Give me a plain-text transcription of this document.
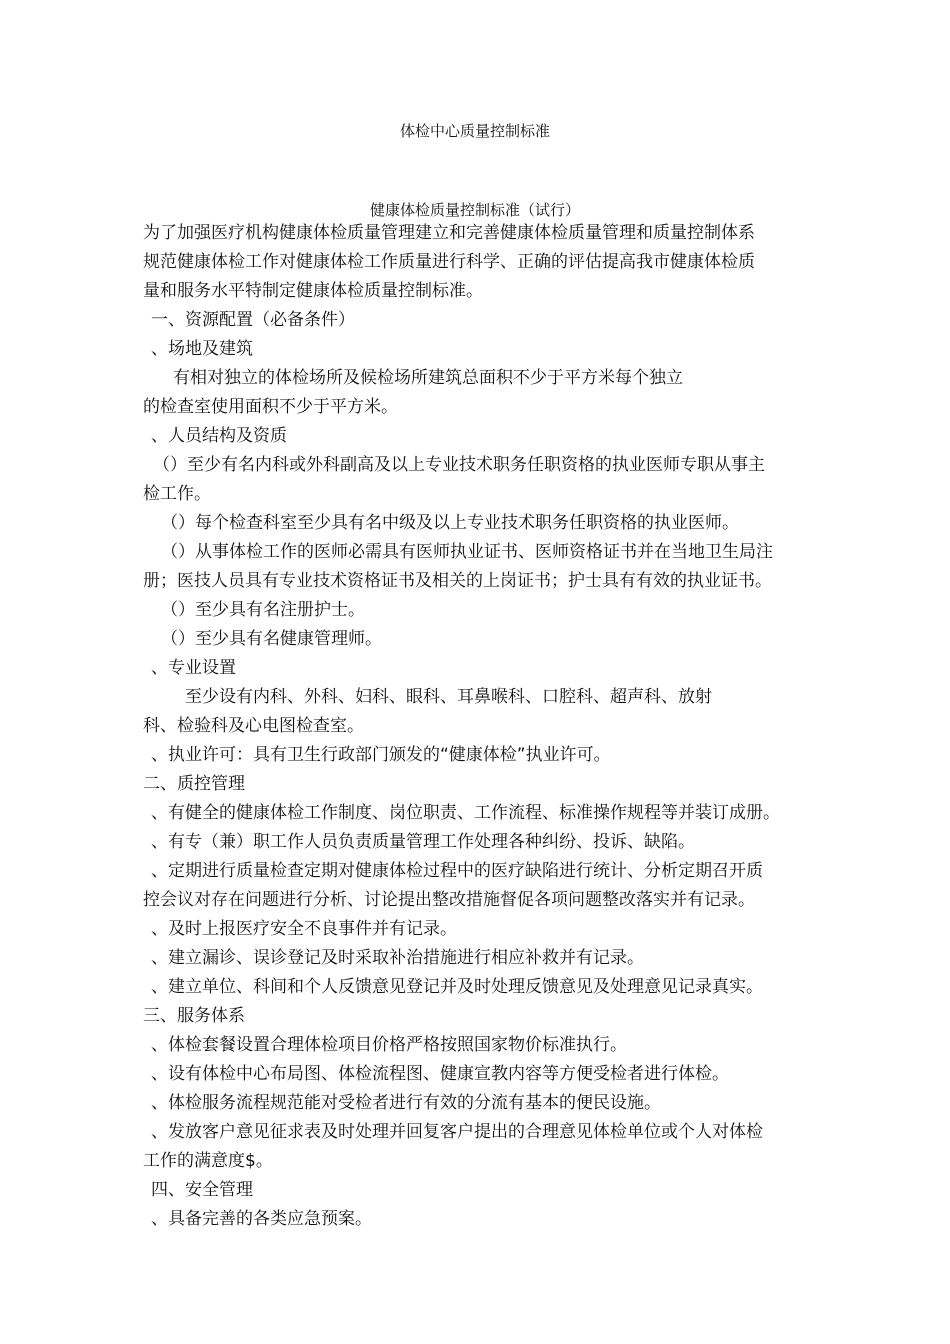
体检中心质量控制标准
健康体检质量控制标准（试行）
为了加强医疗机构健康体检质量管理建立和完善健康体检质量管理和质量控制体系
规范健康体检工作对健康体检工作质量进行科学、正确的评估提高我市健康体检质
量和服务水平特制定健康体检质量控制标准。
一、资源配置（必备条件）
、场地及建筑
有相对独立的体检场所及候检场所建筑总面积不少于平方米每个独立
的检查室使用面积不少于平方米。
、人员结构及资质
（）至少有名内科或外科副高及以上专业技术职务任职资格的执业医师专职从事主
检工作。
（）每个检查科室至少具有名中级及以上专业技术职务任职资格的执业医师。
（）从事体检工作的医师必需具有医师执业证书、医师资格证书并在当地卫生局注
册；医技人员具有专业技术资格证书及相关的上岗证书；护士具有有效的执业证书。
（）至少具有名注册护士。
（）至少具有名健康管理师。
、专业设置
至少设有内科、外科、妇科、眼科、耳鼻喉科、口腔科、超声科、放射
科、检验科及心电图检查室。
、执业许可：具有卫生行政部门颁发的“健康体检”执业许可。
二、质控管理
、有健全的健康体检工作制度、岗位职责、工作流程、标准操作规程等并装订成册。
、有专（兼）职工作人员负责质量管理工作处理各种纠纷、投诉、缺陷。
、定期进行质量检查定期对健康体检过程中的医疗缺陷进行统计、分析定期召开质
控会议对存在问题进行分析、讨论提出整改措施督促各项问题整改落实并有记录。
、及时上报医疗安全不良事件并有记录。
、建立漏诊、误诊登记及时采取补治措施进行相应补救并有记录。
、建立单位、科间和个人反馈意见登记并及时处理反馈意见及处理意见记录真实。
三、服务体系
、体检套餐设置合理体检项目价格严格按照国家物价标准执行。
、设有体检中心布局图、体检流程图、健康宣教内容等方便受检者进行体检。
、体检服务流程规范能对受检者进行有效的分流有基本的便民设施。
、发放客户意见征求表及时处理并回复客户提出的合理意见体检单位或个人对体检
工作的满意度$。
四、安全管理
、具备完善的各类应急预案。
